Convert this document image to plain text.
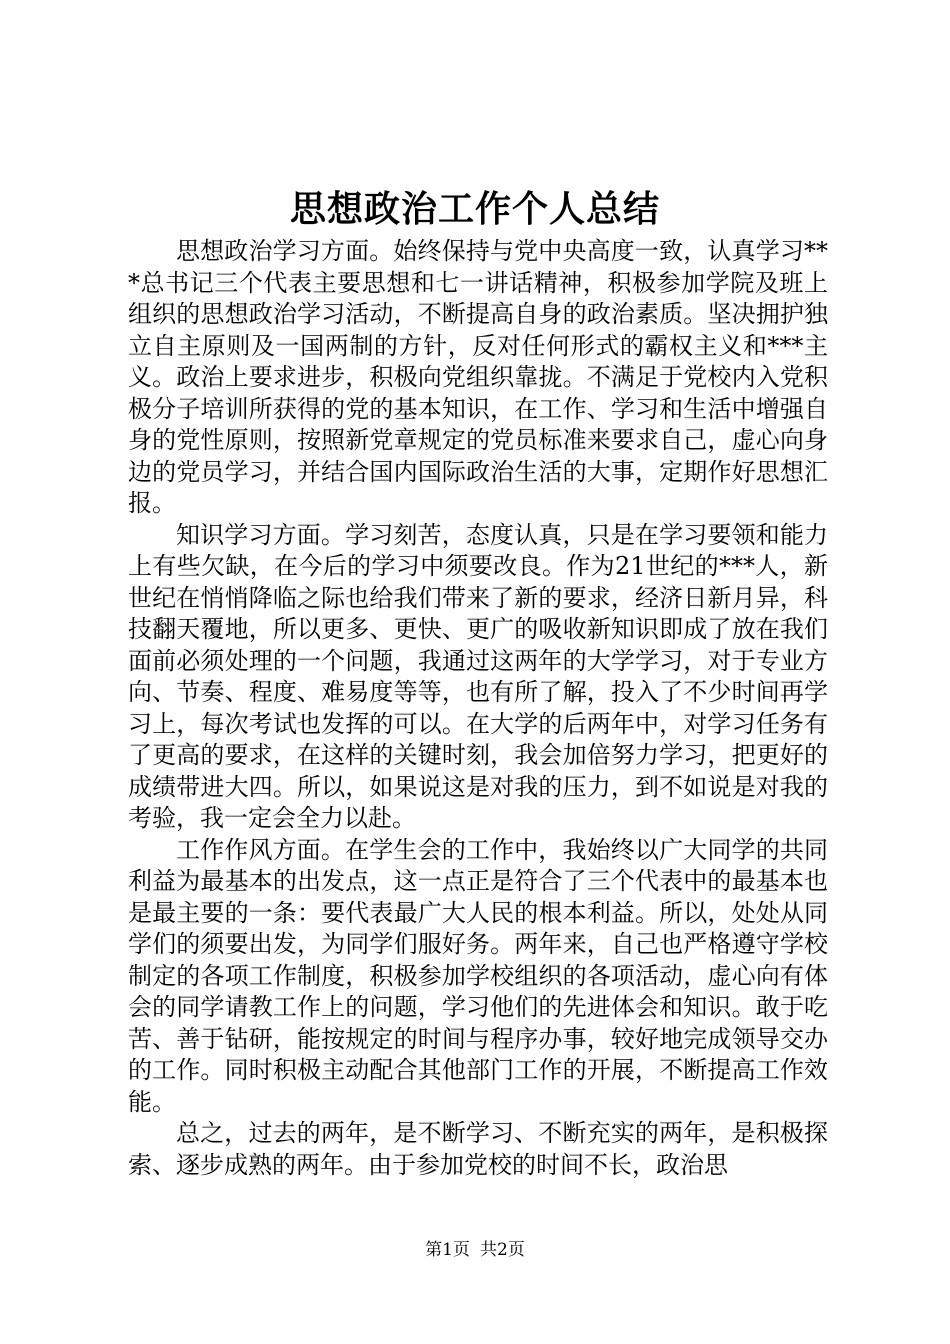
思想政治工作个人总结

思想政治学习方面。始终保持与党中央高度一致，认真学习***总书记三个代表主要思想和七一讲话精神，积极参加学院及班上组织的思想政治学习活动，不断提高自身的政治素质。坚决拥护独立自主原则及一国两制的方针，反对任何形式的霸权主义和***主义。政治上要求进步，积极向党组织靠拢。不满足于党校内入党积极分子培训所获得的党的基本知识，在工作、学习和生活中增强自身的党性原则，按照新党章规定的党员标准来要求自己，虚心向身边的党员学习，并结合国内国际政治生活的大事，定期作好思想汇报。

知识学习方面。学习刻苦，态度认真，只是在学习要领和能力上有些欠缺，在今后的学习中须要改良。作为21世纪的***人，新世纪在悄悄降临之际也给我们带来了新的要求，经济日新月异，科技翻天覆地，所以更多、更快、更广的吸收新知识即成了放在我们面前必须处理的一个问题，我通过这两年的大学学习，对于专业方向、节奏、程度、难易度等等，也有所了解，投入了不少时间再学习上，每次考试也发挥的可以。在大学的后两年中，对学习任务有了更高的要求，在这样的关键时刻，我会加倍努力学习，把更好的成绩带进大四。所以，如果说这是对我的压力，到不如说是对我的考验，我一定会全力以赴。

工作作风方面。在学生会的工作中，我始终以广大同学的共同利益为最基本的出发点，这一点正是符合了三个代表中的最基本也是最主要的一条：要代表最广大人民的根本利益。所以，处处从同学们的须要出发，为同学们服好务。两年来，自己也严格遵守学校制定的各项工作制度，积极参加学校组织的各项活动，虚心向有体会的同学请教工作上的问题，学习他们的先进体会和知识。敢于吃苦、善于钻研，能按规定的时间与程序办事，较好地完成领导交办的工作。同时积极主动配合其他部门工作的开展，不断提高工作效能。

总之，过去的两年，是不断学习、不断充实的两年，是积极探索、逐步成熟的两年。由于参加党校的时间不长，政治思

第1页 共2页
